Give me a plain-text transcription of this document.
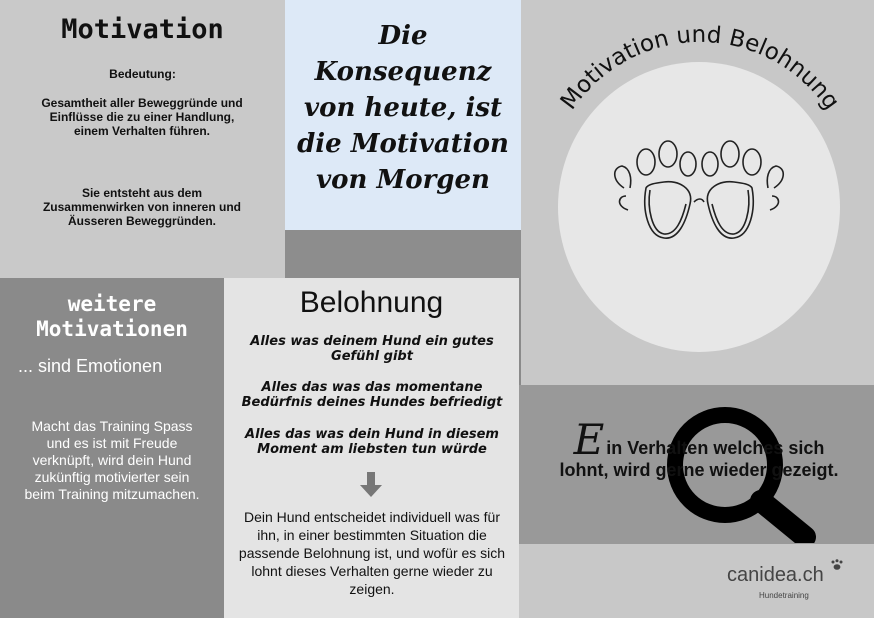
Motivation
Bedeutung:
Gesamtheit aller Beweggründe und Einflüsse die zu einer Handlung, einem Verhalten führen.
Sie entsteht aus dem Zusammenwirken von inneren und Äusseren Beweggründen.
Die
Konsequenz
von heute, ist
die Motivation
von Morgen
Motivation und Belohnung
weitere
Motivationen
... sind Emotionen
Macht das Training Spass und es ist mit Freude verknüpft, wird dein Hund zukünftig motivierter sein beim Training mitzumachen.
Belohnung
Alles was deinem Hund ein gutes Gefühl gibt
Alles das was das momentane Bedürfnis deines Hundes befriedigt
Alles das was dein Hund in diesem Moment am liebsten tun würde
Dein Hund entscheidet individuell was für ihn, in einer bestimmten Situation die passende Belohnung ist, und wofür es sich lohnt dieses Verhalten gerne wieder zu zeigen.
Ein Verhalten welches sich lohnt, wird gerne wieder gezeigt.
canidea.ch
Hundetraining
